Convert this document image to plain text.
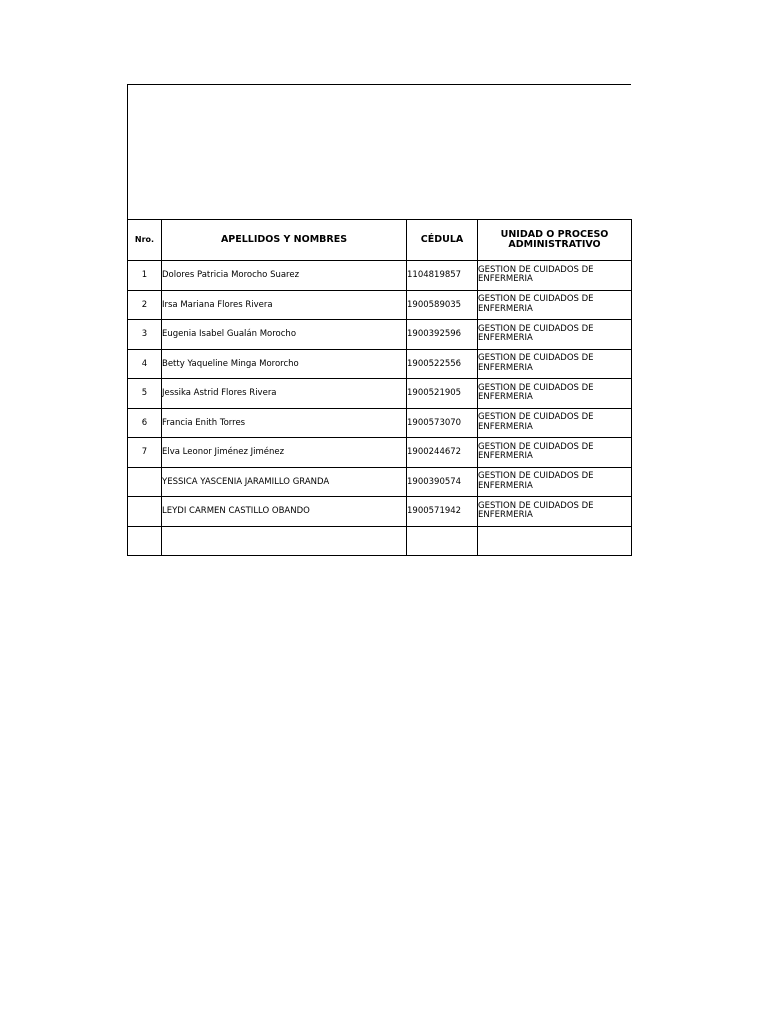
Nro.	APELLIDOS Y NOMBRES	CÉDULA	UNIDAD O PROCESO ADMINISTRATIVO
1	Dolores Patricia Morocho Suarez	1104819857	GESTION DE CUIDADOS DE ENFERMERIA
2	Irsa Mariana Flores Rivera	1900589035	GESTION DE CUIDADOS DE ENFERMERIA
3	Eugenia Isabel Gualán Morocho	1900392596	GESTION DE CUIDADOS DE ENFERMERIA
4	Betty Yaqueline Minga Mororcho	1900522556	GESTION DE CUIDADOS DE ENFERMERIA
5	Jessika Astrid Flores Rivera	1900521905	GESTION DE CUIDADOS DE ENFERMERIA
6	Francia Enith Torres	1900573070	GESTION DE CUIDADOS DE ENFERMERIA
7	Elva Leonor Jiménez Jiménez	1900244672	GESTION DE CUIDADOS DE ENFERMERIA
	YESSICA YASCENIA JARAMILLO GRANDA	1900390574	GESTION DE CUIDADOS DE ENFERMERIA
	LEYDI CARMEN CASTILLO OBANDO	1900571942	GESTION DE CUIDADOS DE ENFERMERIA
